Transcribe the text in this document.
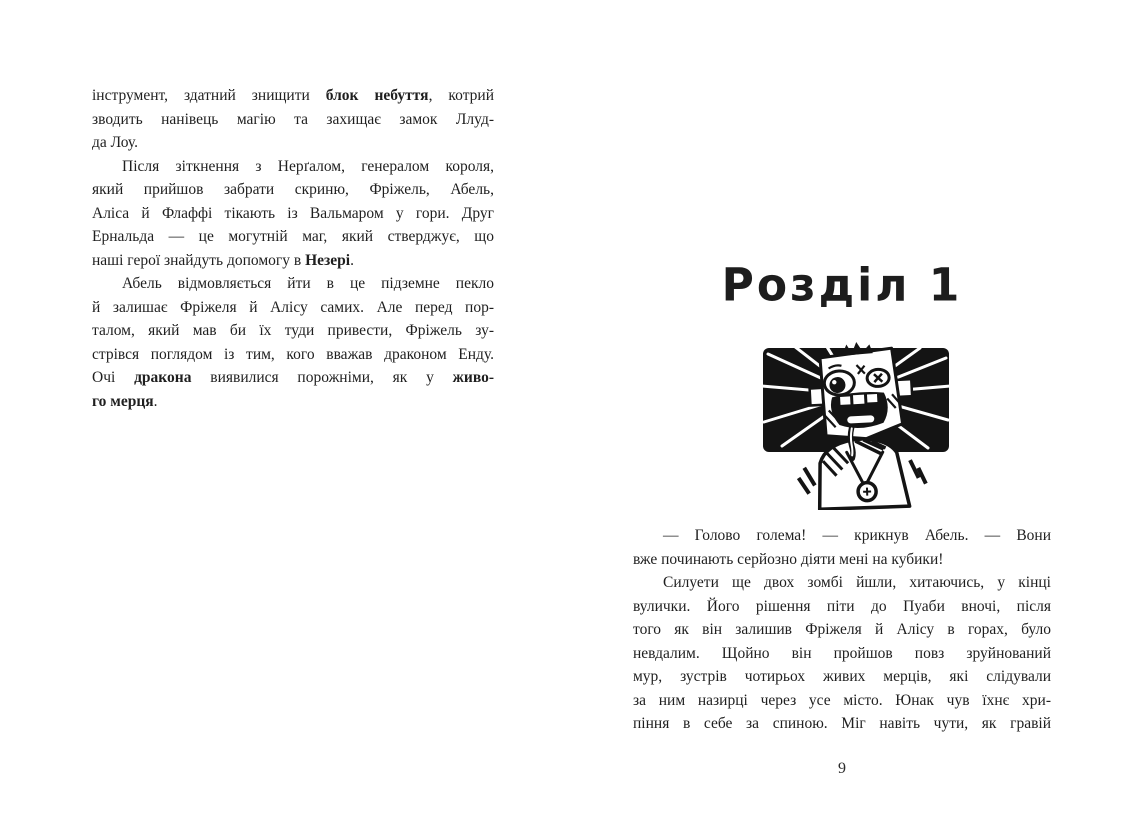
інструмент, здатний знищити блок небуття, котрий
зводить нанівець магію та захищає замок Ллуд-
да Лоу.
Після зіткнення з Нерґалом, генералом короля,
який прийшов забрати скриню, Фріжель, Абель,
Аліса й Флаффі тікають із Вальмаром у гори. Друг
Ернальда — це могутній маг, який стверджує, що
наші герої знайдуть допомогу в Незері.
Абель відмовляється йти в це підземне пекло
й залишає Фріжеля й Алісу самих. Але перед пор-
талом, який мав би їх туди привести, Фріжель зу-
стрівся поглядом із тим, кого вважав драконом Енду.
Очі дракона виявилися порожніми, як у живо-
го мерця.
Розділ 1
— Голово голема! — крикнув Абель. — Вони
вже починають серйозно діяти мені на кубики!
Силуети ще двох зомбі йшли, хитаючись, у кінці
вулички. Його рішення піти до Пуаби вночі, після
того як він залишив Фріжеля й Алісу в горах, було
невдалим. Щойно він пройшов повз зруйнований
мур, зустрів чотирьох живих мерців, які слідували
за ним назирці через усе місто. Юнак чув їхнє хри-
піння в себе за спиною. Міг навіть чути, як гравій
9
